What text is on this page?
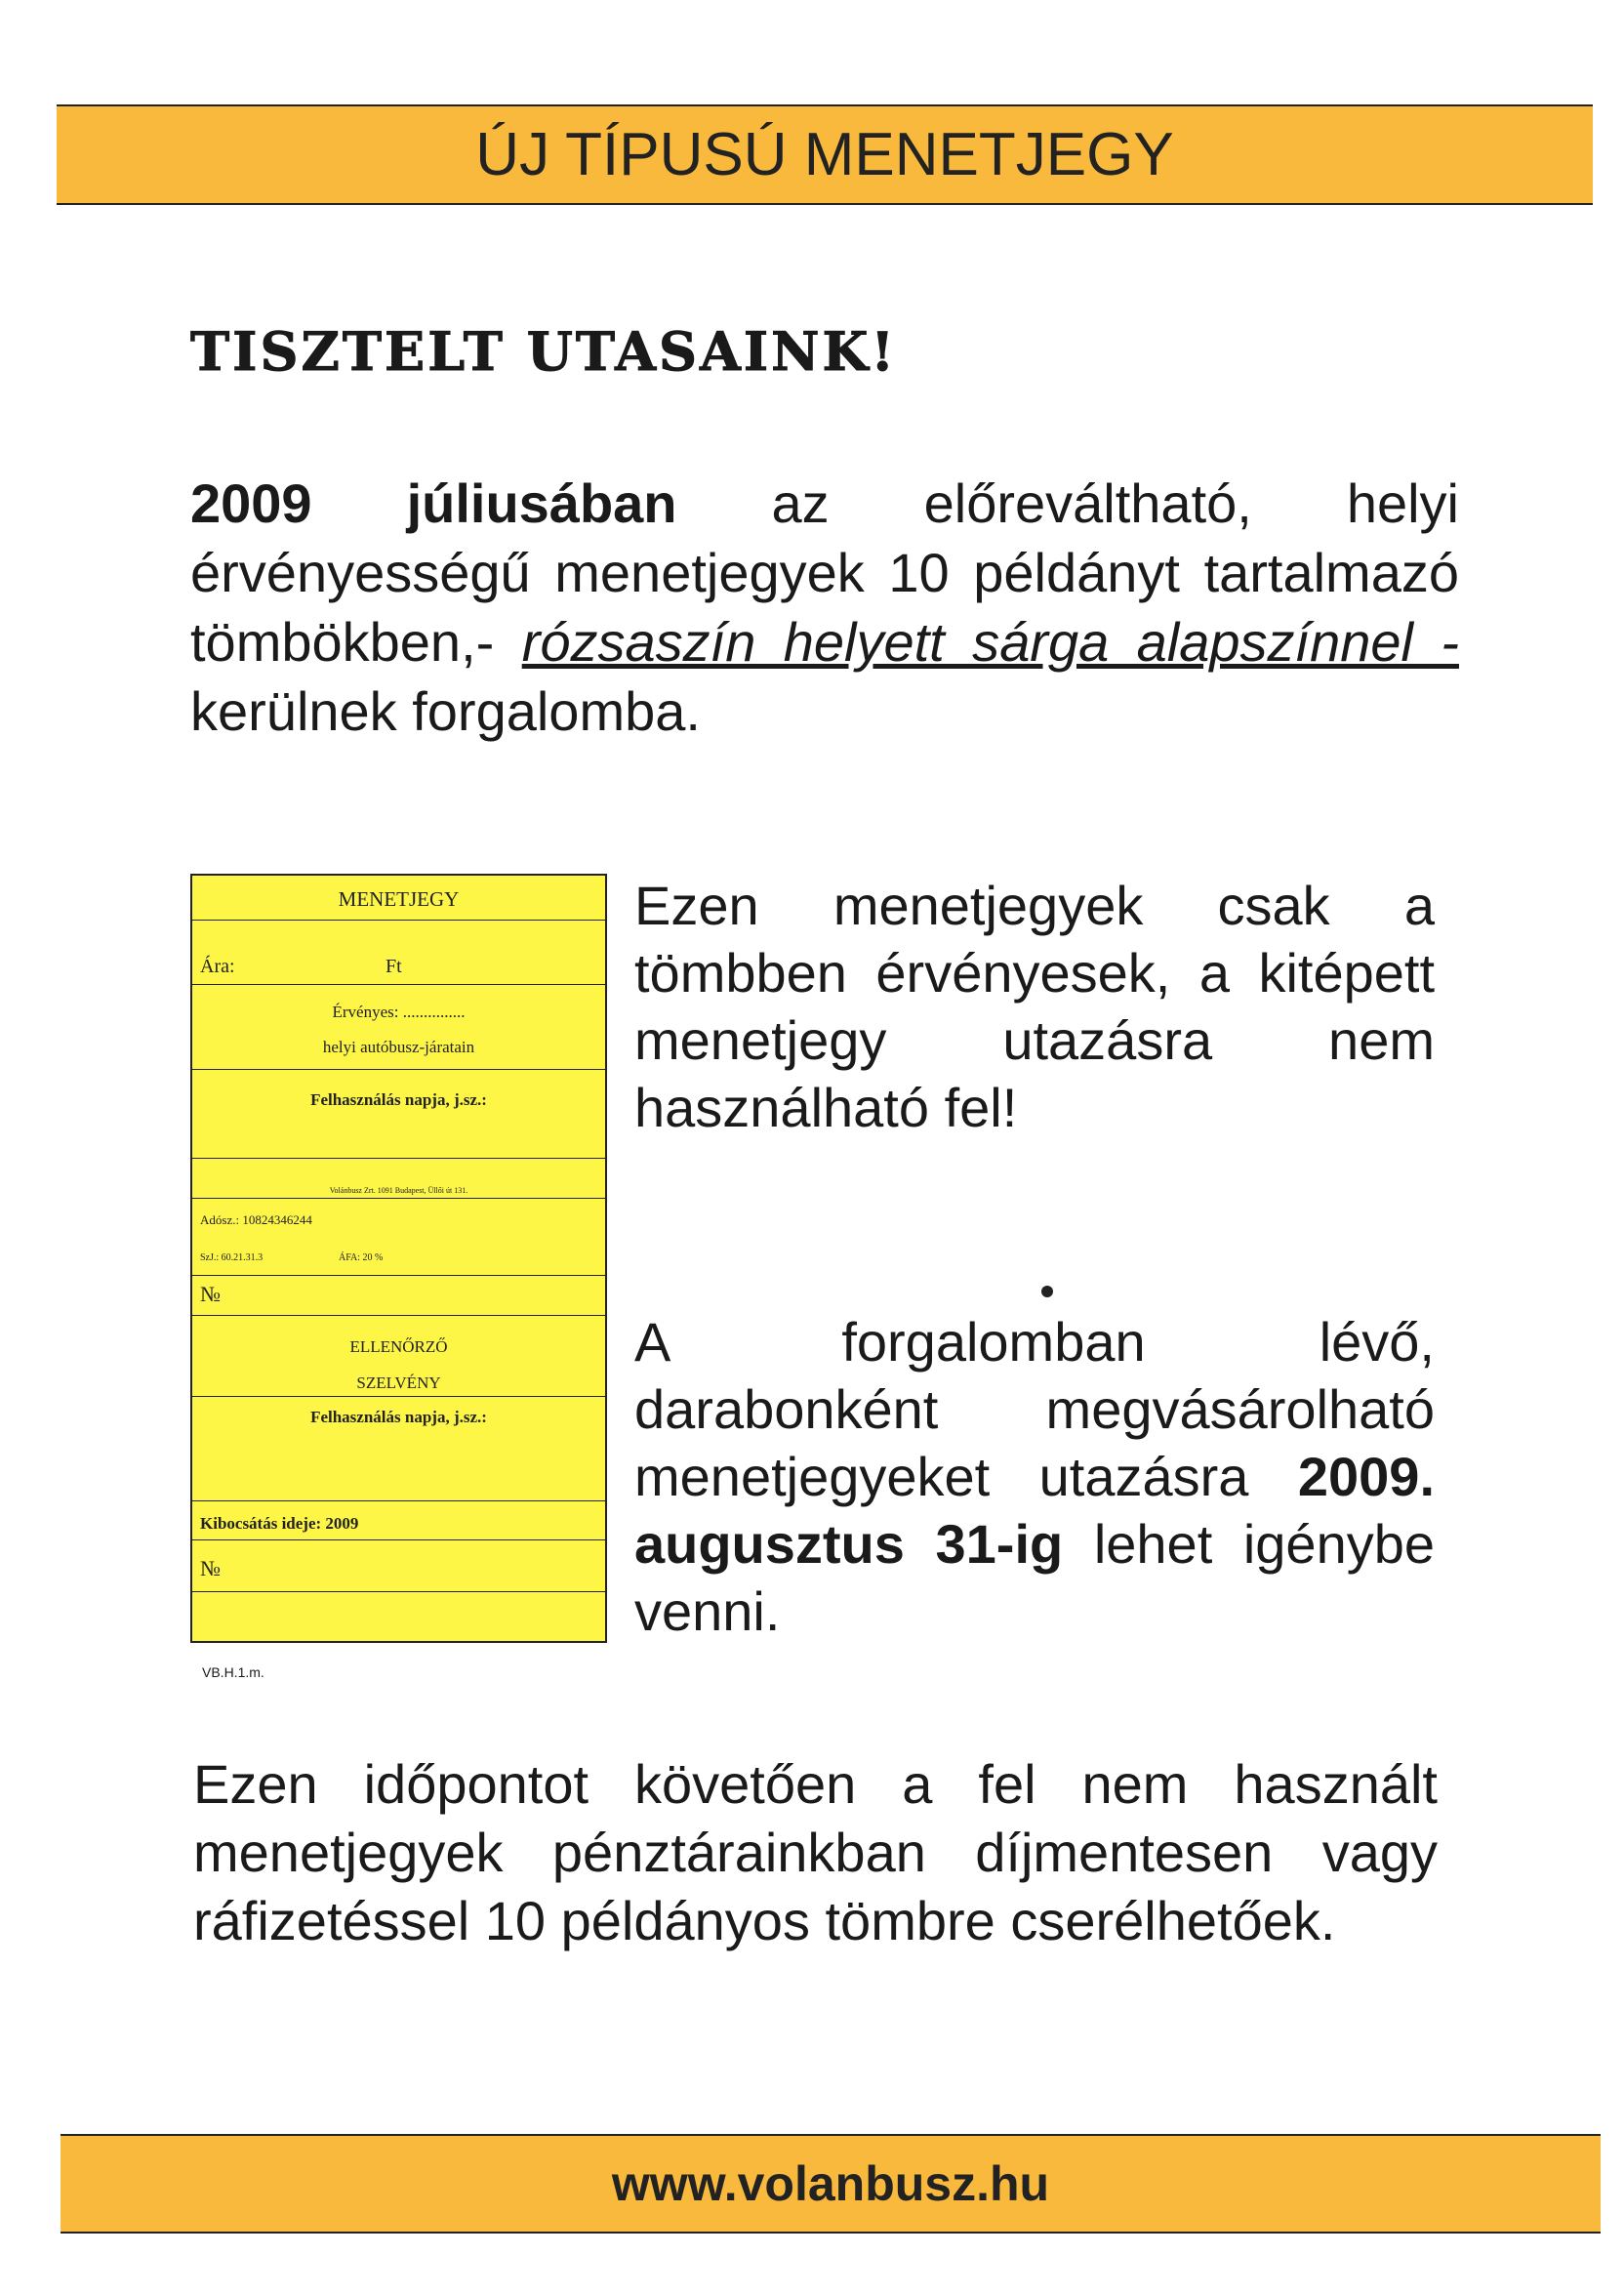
ÚJ TÍPUSÚ MENETJEGY
TISZTELT UTASAINK!

2009 júliusában az előreváltható, helyi érvényességű menetjegyek 10 példányt tartalmazó tömbökben,- rózsaszín helyett sárga alapszínnel - kerülnek forgalomba.

MENETJEGY
Ára:	Ft
Érvényes: ...............
helyi autóbusz-járatain
Felhasználás napja, j.sz.:
Volánbusz Zrt. 1091 Budapest, Üllői út 131.
Adósz.: 10824346244
SzJ.: 60.21.31.3	ÁFA: 20 %
№
ELLENŐRZŐ
SZELVÉNY
Felhasználás napja, j.sz.:
Kibocsátás ideje: 2009
№
VB.H.1.m.

Ezen menetjegyek csak a tömbben érvényesek, a kitépett menetjegy utazásra nem használható fel!

A forgalomban lévő, darabonként megvásárolható menetjegyeket utazásra 2009. augusztus 31-ig lehet igénybe venni.

Ezen időpontot követően a fel nem használt menetjegyek pénztárainkban díjmentesen vagy ráfizetéssel 10 példányos tömbre cserélhetőek.

www.volanbusz.hu
